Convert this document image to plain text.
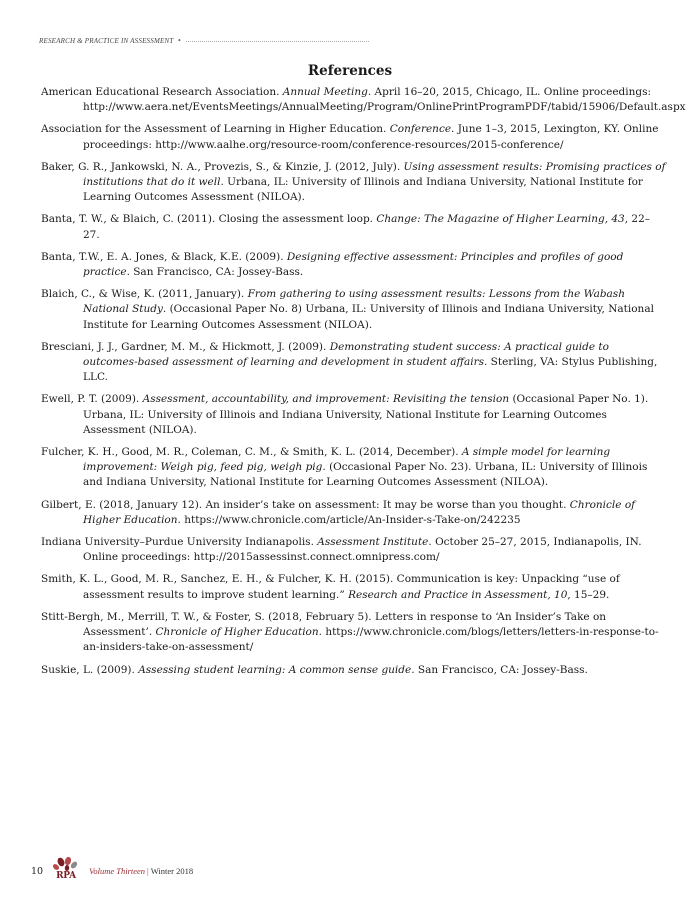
RESEARCH & PRACTICE IN ASSESSMENT •
References
American Educational Research Association. Annual Meeting. April 16–20, 2015, Chicago, IL. Online proceedings: http://www.aera.net/EventsMeetings/AnnualMeeting/Program/OnlinePrintProgramPDF/tabid/15906/Default.aspx
Association for the Assessment of Learning in Higher Education. Conference. June 1–3, 2015, Lexington, KY. Online proceedings: http://www.aalhe.org/resource-room/conference-resources/2015-conference/
Baker, G. R., Jankowski, N. A., Provezis, S., & Kinzie, J. (2012, July). Using assessment results: Promising practices of institutions that do it well. Urbana, IL: University of Illinois and Indiana University, National Institute for Learning Outcomes Assessment (NILOA).
Banta, T. W., & Blaich, C. (2011). Closing the assessment loop. Change: The Magazine of Higher Learning, 43, 22–27.
Banta, T.W., E. A. Jones, & Black, K.E. (2009). Designing effective assessment: Principles and profiles of good practice. San Francisco, CA: Jossey-Bass.
Blaich, C., & Wise, K. (2011, January). From gathering to using assessment results: Lessons from the Wabash National Study. (Occasional Paper No. 8) Urbana, IL: University of Illinois and Indiana University, National Institute for Learning Outcomes Assessment (NILOA).
Bresciani, J. J., Gardner, M. M., & Hickmott, J. (2009). Demonstrating student success: A practical guide to outcomes-based assessment of learning and development in student affairs. Sterling, VA: Stylus Publishing, LLC.
Ewell, P. T. (2009). Assessment, accountability, and improvement: Revisiting the tension (Occasional Paper No. 1). Urbana, IL: University of Illinois and Indiana University, National Institute for Learning Outcomes Assessment (NILOA).
Fulcher, K. H., Good, M. R., Coleman, C. M., & Smith, K. L. (2014, December). A simple model for learning improvement: Weigh pig, feed pig, weigh pig. (Occasional Paper No. 23). Urbana, IL: University of Illinois and Indiana University, National Institute for Learning Outcomes Assessment (NILOA).
Gilbert, E. (2018, January 12). An insider’s take on assessment: It may be worse than you thought. Chronicle of Higher Education. https://www.chronicle.com/article/An-Insider-s-Take-on/242235
Indiana University–Purdue University Indianapolis. Assessment Institute. October 25–27, 2015, Indianapolis, IN. Online proceedings: http://2015assessinst.connect.omnipress.com/
Smith, K. L., Good, M. R., Sanchez, E. H., & Fulcher, K. H. (2015). Communication is key: Unpacking “use of assessment results to improve student learning.” Research and Practice in Assessment, 10, 15–29.
Stitt-Bergh, M., Merrill, T. W., & Foster, S. (2018, February 5). Letters in response to ‘An Insider’s Take on Assessment’. Chronicle of Higher Education. https://www.chronicle.com/blogs/letters/letters-in-response-to-an-insiders-take-on-assessment/
Suskie, L. (2009). Assessing student learning: A common sense guide. San Francisco, CA: Jossey-Bass.
10 RPA Volume Thirteen | Winter 2018
